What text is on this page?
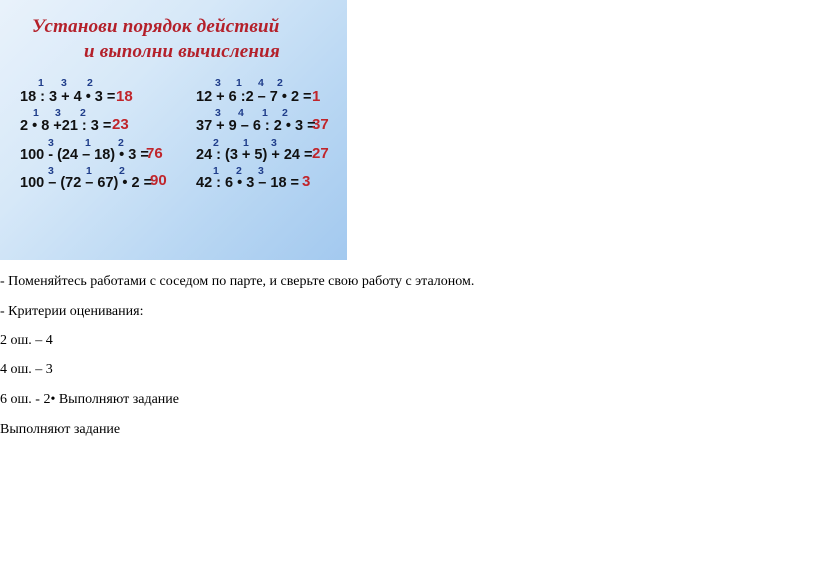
Установи порядок действий
и выполни вычисления
1 3 2
18 : 3 + 4 • 3 = 18
1 3 2
2 • 8 +21 : 3 = 23
3	1	2
100 - (24 – 18) • 3 =
76
3	1	2
100 – (72 – 67) • 2 =
90
3 1 4 2
12 + 6 :2 – 7 • 2 = 1
3 4 1 2
37 + 9 – 6 : 2 • 3 =
37
2 1 3
24 : (3 + 5) + 24 = 27
1 2 3
42 : 6 • 3 – 18 = 3
- Поменяйтесь работами с соседом по парте, и сверьте свою работу с эталоном.
- Критерии оценивания:
2 ош. – 4
4 ош. – 3
6 ош. - 2• Выполняют задание
Выполняют задание
